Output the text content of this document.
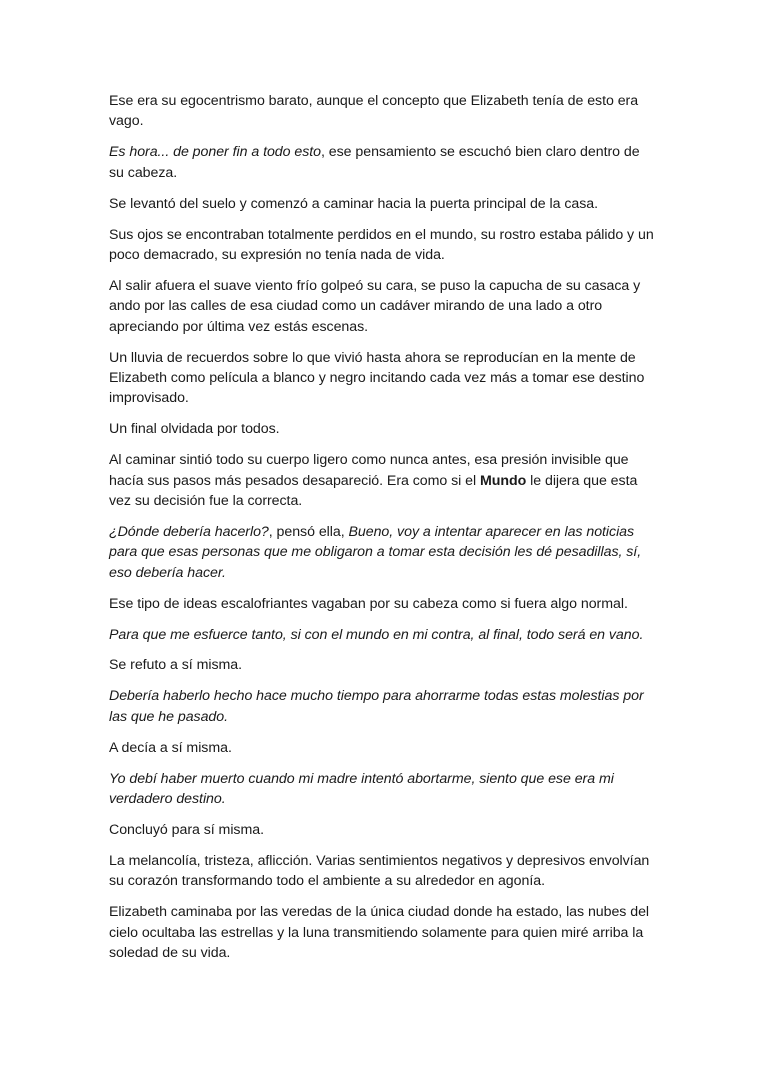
Ese era su egocentrismo barato, aunque el concepto que Elizabeth tenía de esto era vago.

Es hora... de poner fin a todo esto, ese pensamiento se escuchó bien claro dentro de su cabeza.

Se levantó del suelo y comenzó a caminar hacia la puerta principal de la casa.

Sus ojos se encontraban totalmente perdidos en el mundo, su rostro estaba pálido y un poco demacrado, su expresión no tenía nada de vida.

Al salir afuera el suave viento frío golpeó su cara, se puso la capucha de su casaca y ando por las calles de esa ciudad como un cadáver mirando de una lado a otro apreciando por última vez estás escenas.

Un lluvia de recuerdos sobre lo que vivió hasta ahora se reproducían en la mente de Elizabeth como película a blanco y negro incitando cada vez más a tomar ese destino improvisado.

Un final olvidada por todos.

Al caminar sintió todo su cuerpo ligero como nunca antes, esa presión invisible que hacía sus pasos más pesados desapareció. Era como si el Mundo le dijera que esta vez su decisión fue la correcta.

¿Dónde debería hacerlo?, pensó ella, Bueno, voy a intentar aparecer en las noticias para que esas personas que me obligaron a tomar esta decisión les dé pesadillas, sí, eso debería hacer.

Ese tipo de ideas escalofriantes vagaban por su cabeza como si fuera algo normal.

Para que me esfuerce tanto, si con el mundo en mi contra, al final, todo será en vano.

Se refuto a sí misma.

Debería haberlo hecho hace mucho tiempo para ahorrarme todas estas molestias por las que he pasado.

A decía a sí misma.

Yo debí haber muerto cuando mi madre intentó abortarme, siento que ese era mi verdadero destino.

Concluyó para sí misma.

La melancolía, tristeza, aflicción. Varias sentimientos negativos y depresivos envolvían su corazón transformando todo el ambiente a su alrededor en agonía.

Elizabeth caminaba por las veredas de la única ciudad donde ha estado, las nubes del cielo ocultaba las estrellas y la luna transmitiendo solamente para quien miré arriba la soledad de su vida.
